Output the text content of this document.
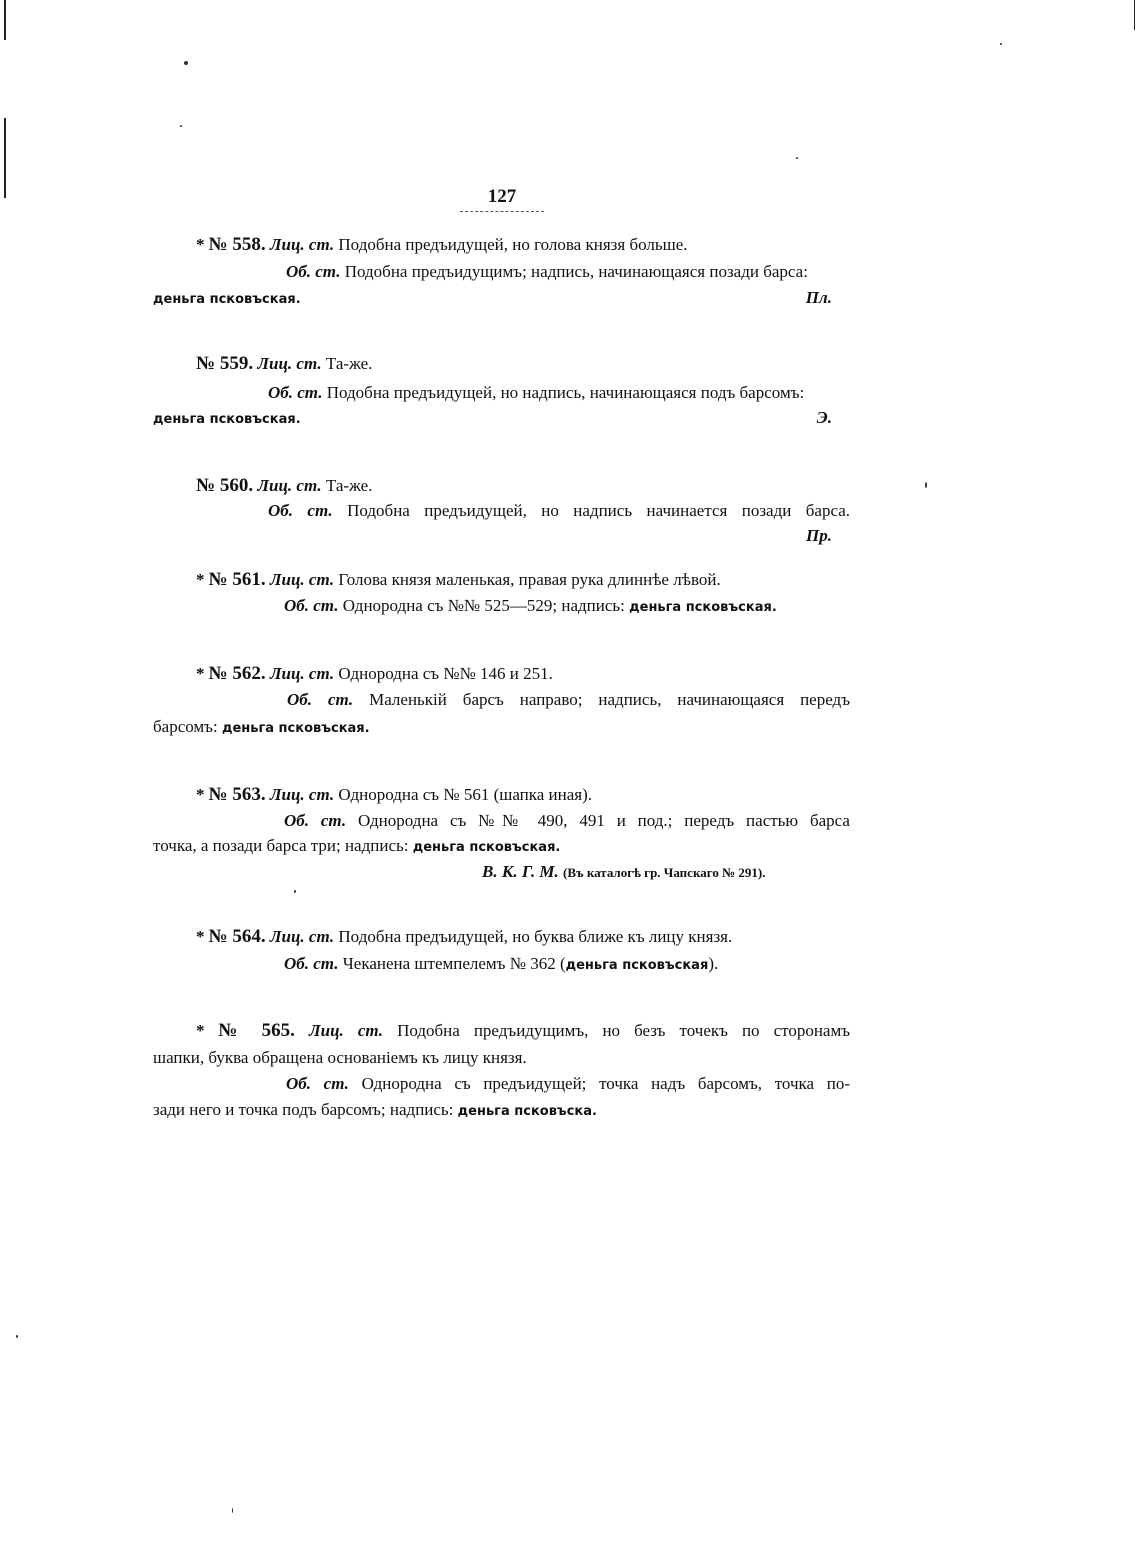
127
* № 558. Лиц. ст. Подобна предъидущей, но голова князя больше.
Об. ст. Подобна предъидущимъ; надпись, начинающаяся позади барса:
деньга псковъская.	Пл.
№ 559. Лиц. ст. Та-же.
Об. ст. Подобна предъидущей, но надпись, начинающаяся подъ барсомъ:
деньга псковъская.	Э.
№ 560. Лиц. ст. Та-же.
Об. ст. Подобна предъидущей, но надпись начинается позади барса.
Пр.
* № 561. Лиц. ст. Голова князя маленькая, правая рука длиннѣе лѣвой.
Об. ст. Однородна съ №№ 525—529; надпись: деньга псковъская.
* № 562. Лиц. ст. Однородна съ №№ 146 и 251.
Об. ст. Маленькій барсъ направо; надпись, начинающаяся передъ
барсомъ: деньга псковъская.
* № 563. Лиц. ст. Однородна съ № 561 (шапка иная).
Об. ст. Однородна съ №№ 490, 491 и под.; передъ пастью барса
точка, а позади барса три; надпись: деньга псковъская.
В. К. Г. М. (Въ каталогѣ гр. Чапскаго № 291).
* № 564. Лиц. ст. Подобна предъидущей, но буква ближе къ лицу князя.
Об. ст. Чеканена штемпелемъ № 362 (деньга псковъская).
* № 565. Лиц. ст. Подобна предъидущимъ, но безъ точекъ по сторонамъ
шапки, буква обращена основаніемъ къ лицу князя.
Об. ст. Однородна съ предъидущей; точка надъ барсомъ, точка по-
зади него и точка подъ барсомъ; надпись: деньга псковъска.
